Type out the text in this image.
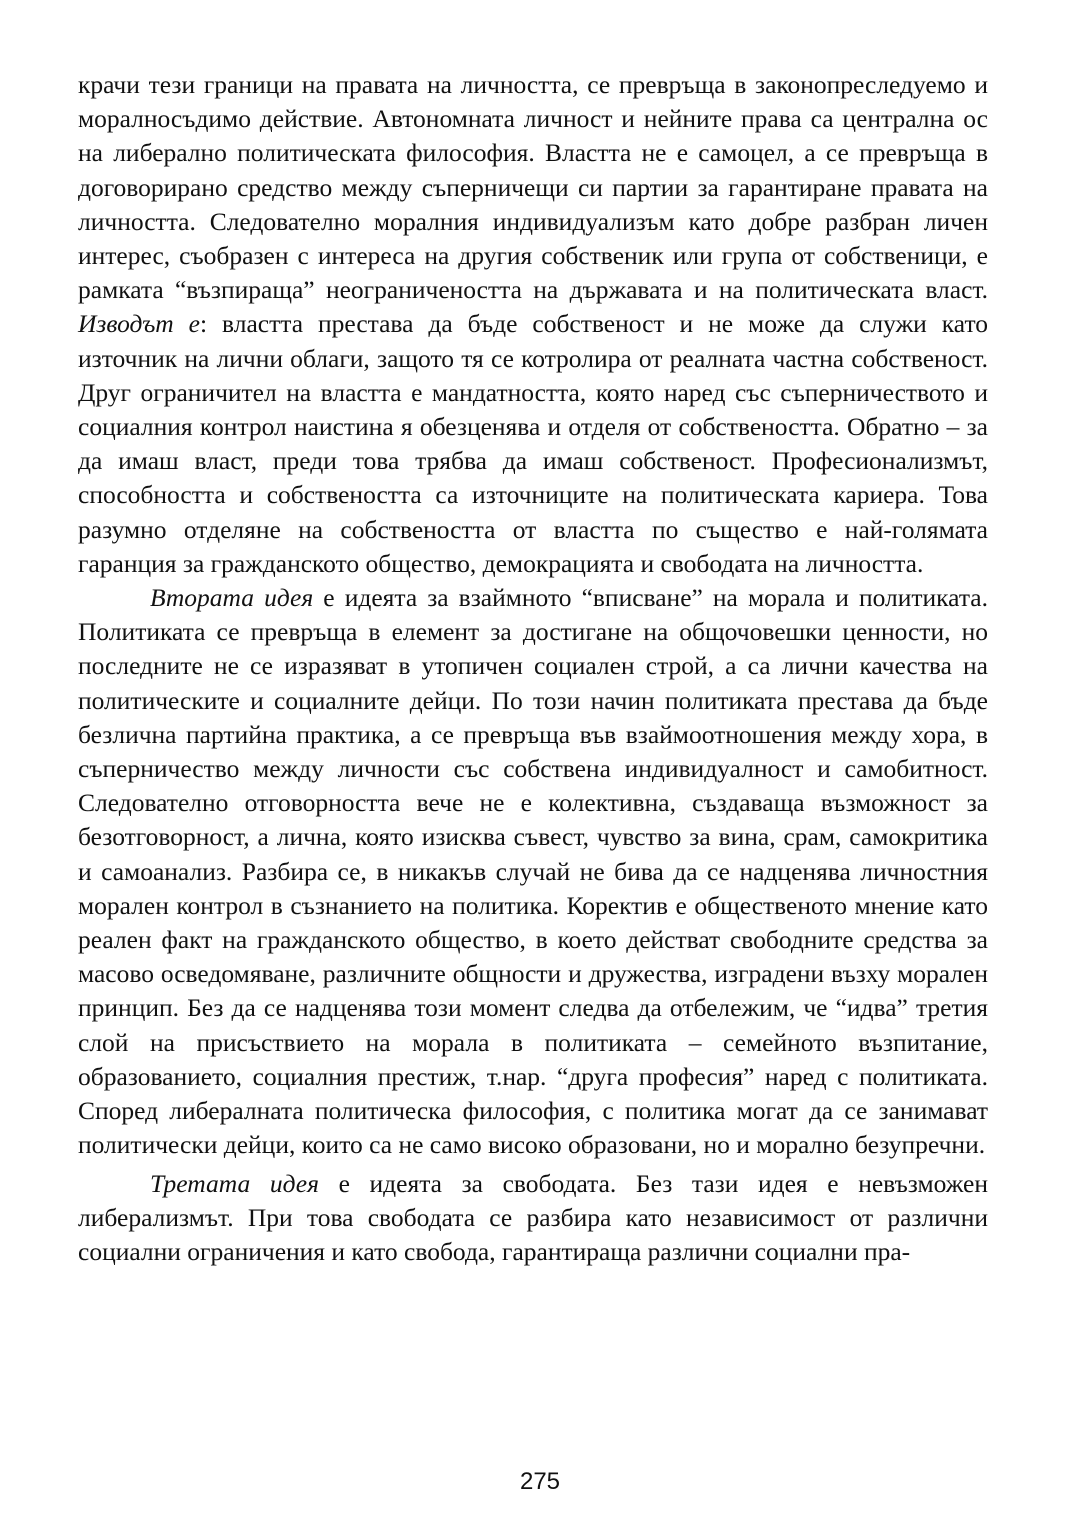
крачи тези граници на правата на личността, се превръща в законопреследуемо и моралносъдимо действие. Автономната личност и нейните права са централна ос на либерално политическата философия. Властта не е самоцел, а се превръща в договорирано средство между съперничещи си партии за гарантиране правата на личността. Следователно моралния индивидуализъм като добре разбран личен интерес, съобразен с интереса на другия собственик или група от собственици, е рамката “възпираща” неограничеността на държавата и на политическата власт. Изводът е: властта престава да бъде собственост и не може да служи като източник на лични облаги, защото тя се котролира от реалната частна собственост. Друг ограничител на властта е мандатността, която наред със съперничеството и социалния контрол наистина я обезценява и отделя от собствеността. Обратно – за да имаш власт, преди това трябва да имаш собственост. Професионализмът, способността и собствеността са източниците на политическата кариера. Това разумно отделяне на собствеността от властта по същество е най-голямата гаранция за гражданското общество, демокрацията и свободата на личността.

Втората идея е идеята за взаймното “вписване” на морала и политиката. Политиката се превръща в елемент за достигане на общочовешки ценности, но последните не се изразяват в утопичен социален строй, а са лични качества на политическите и социалните дейци. По този начин политиката престава да бъде безлична партийна практика, а се превръща във взаймоотношения между хора, в съперничество между личности със собствена индивидуалност и самобитност. Следователно отговорността вече не е колективна, създаваща възможност за безотговорност, а лична, която изисква съвест, чувство за вина, срам, самокритика и самоанализ. Разбира се, в никакъв случай не бива да се надценява личностния морален контрол в съзнанието на политика. Коректив е общественото мнение като реален факт на гражданското общество, в което действат свободните средства за масово осведомяване, различните общности и дружества, изградени възху морален принцип. Без да се надценява този момент следва да отбележим, че “идва” третия слой на присъствието на морала в политиката – семейното възпитание, образованието, социалния престиж, т.нар. “друга професия” наред с политиката. Според либералната политическа философия, с политика могат да се занимават политически дейци, които са не само високо образовани, но и морално безупречни.

Третата идея е идеята за свободата. Без тази идея е невъзможен либерализмът. При това свободата се разбира като независимост от различни социални ограничения и като свобода, гарантираща различни социални пра-

275
